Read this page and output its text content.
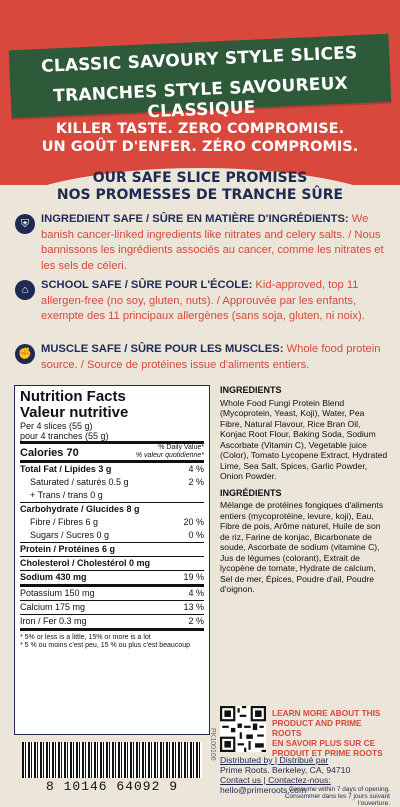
CLASSIC SAVOURY STYLE SLICES
TRANCHES STYLE SAVOUREUX CLASSIQUE
KILLER TASTE. ZERO COMPROMISE.
UN GOÛT D'ENFER. ZÉRO COMPROMIS.
OUR SAFE SLICE PROMISES
NOS PROMESSES DE TRANCHE SÛRE
⛨
INGREDIENT SAFE / SÛRE EN MATIÈRE D'INGRÉDIENTS: We banish cancer-linked ingredients like nitrates and celery salts. / Nous bannissons les ingrédients associés au cancer, comme les nitrates et les sels de céleri.
⌂
SCHOOL SAFE / SÛRE POUR L'ÉCOLE: Kid-approved, top 11 allergen-free (no soy, gluten, nuts). / Approuvée par les enfants, exempte des 11 principaux allergènes (sans soja, gluten, ni noix).
✊
MUSCLE SAFE / SÛRE POUR LES MUSCLES: Whole food protein source. / Source de protéines issue d'aliments entiers.
Nutrition Facts
Valeur nutritive
Per 4 slices (55 g)
pour 4 tranches (55 g)
Calories 70	% Daily Value*
% valeur quotidienne*
Total Fat / Lipides 3 g	4 %
Saturated / saturés 0.5 g	2 %
+ Trans / trans 0 g
Carbohydrate / Glucides 8 g
Fibre / Fibres 6 g	20 %
Sugars / Sucres 0 g	0 %
Protein / Protéines 6 g
Cholesterol / Cholestérol 0 mg
Sodium 430 mg	19 %
Potassium 150 mg	4 %
Calcium 175 mg	13 %
Iron / Fer 0.3 mg	2 %
* 5% or less is a little, 15% or more is a lot
* 5 % ou moins c'est peu, 15 % ou plus c'est beaucoup
INGREDIENTS
Whole Food Fungi Protein Blend (Mycoprotein, Yeast, Koji), Water, Pea Fibre, Natural Flavour, Rice Bran Oil, Konjac Root Flour, Baking Soda, Sodium Ascorbate (Vitamin C), Vegetable juice (Color), Tomato Lycopene Extract, Hydrated Lime, Sea Salt, Spices, Garlic Powder, Onion Powder.
INGRÉDIENTS
Mélange de protéines fongiques d'aliments entiers (mycoprotéine, levure, koji), Eau, Fibre de pois, Arôme naturel, Huile de son de riz, Farine de konjac, Bicarbonate de soude, Ascorbate de sodium (vitamine C), Jus de légumes (colorant), Extrait de lycopène de tomate, Hydrate de calcium, Sel de mer, Épices, Poudre d'ail, Poudre d'oignon.
LEARN MORE ABOUT THIS PRODUCT AND PRIME ROOTS
EN SAVOIR PLUS SUR CE PRODUIT ET PRIME ROOTS
8 10146 64092 9
PK100106
Consume within 7 days of opening.
Consommer dans les 7 jours suivant l'ouverture.
Distributed by | Distribué par
Prime Roots. Berkeley, CA, 94710
Contact us | Contactez-nous:
hello@primeroots.com
